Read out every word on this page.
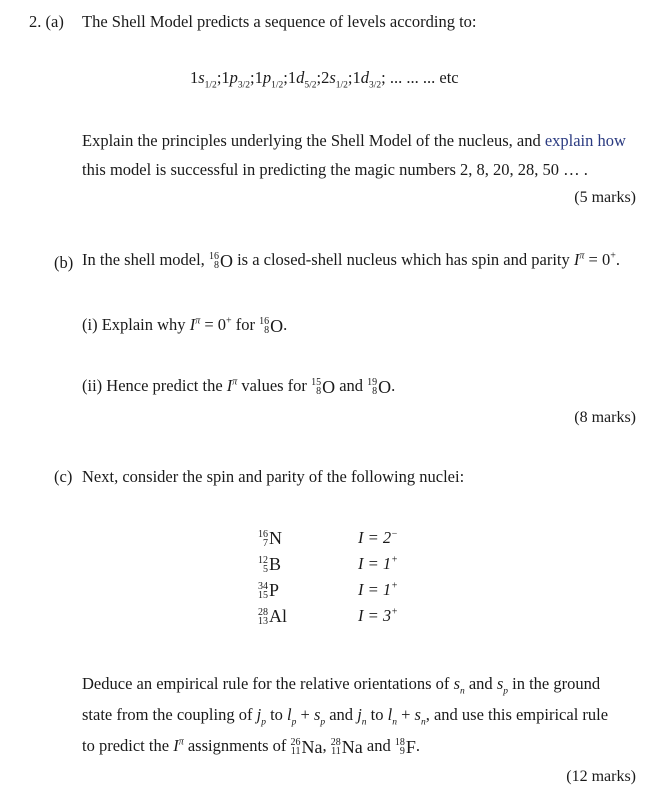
2. (a) The Shell Model predicts a sequence of levels according to:
$1s_{1/2};1p_{3/2};1p_{1/2};1d_{5/2};2s_{1/2};1d_{3/2}$; ... ... ... etc
Explain the principles underlying the Shell Model of the nucleus, and explain how
this model is successful in predicting the magic numbers 2, 8, 20, 28, 50 … .
(5 marks)
(b) In the shell model, 16
8 O is a closed-shell nucleus which has spin and parity $I^\pi = 0^+$.
(i) Explain why $I^\pi = 0^+$ for 16
8 O .
(ii) Hence predict the $I^\pi$ values for 15
8 O and 19
8 O .
(8 marks)
(c) Next, consider the spin and parity of the following nuclei:
16
7 N	I = 2−
12
5 B	I = 1+
34
15 P	I = 1+
28
13 Al	I = 3+
Deduce an empirical rule for the relative orientations of $s_n$ and $s_p$ in the ground
state from the coupling of $j_p$ to $l_p + s_p$ and $j_n$ to $l_n + s_n$, and use this empirical rule
to predict the $I^\pi$ assignments of 26
11 Na , 28
11 Na and 18
9 F .
(12 marks)
